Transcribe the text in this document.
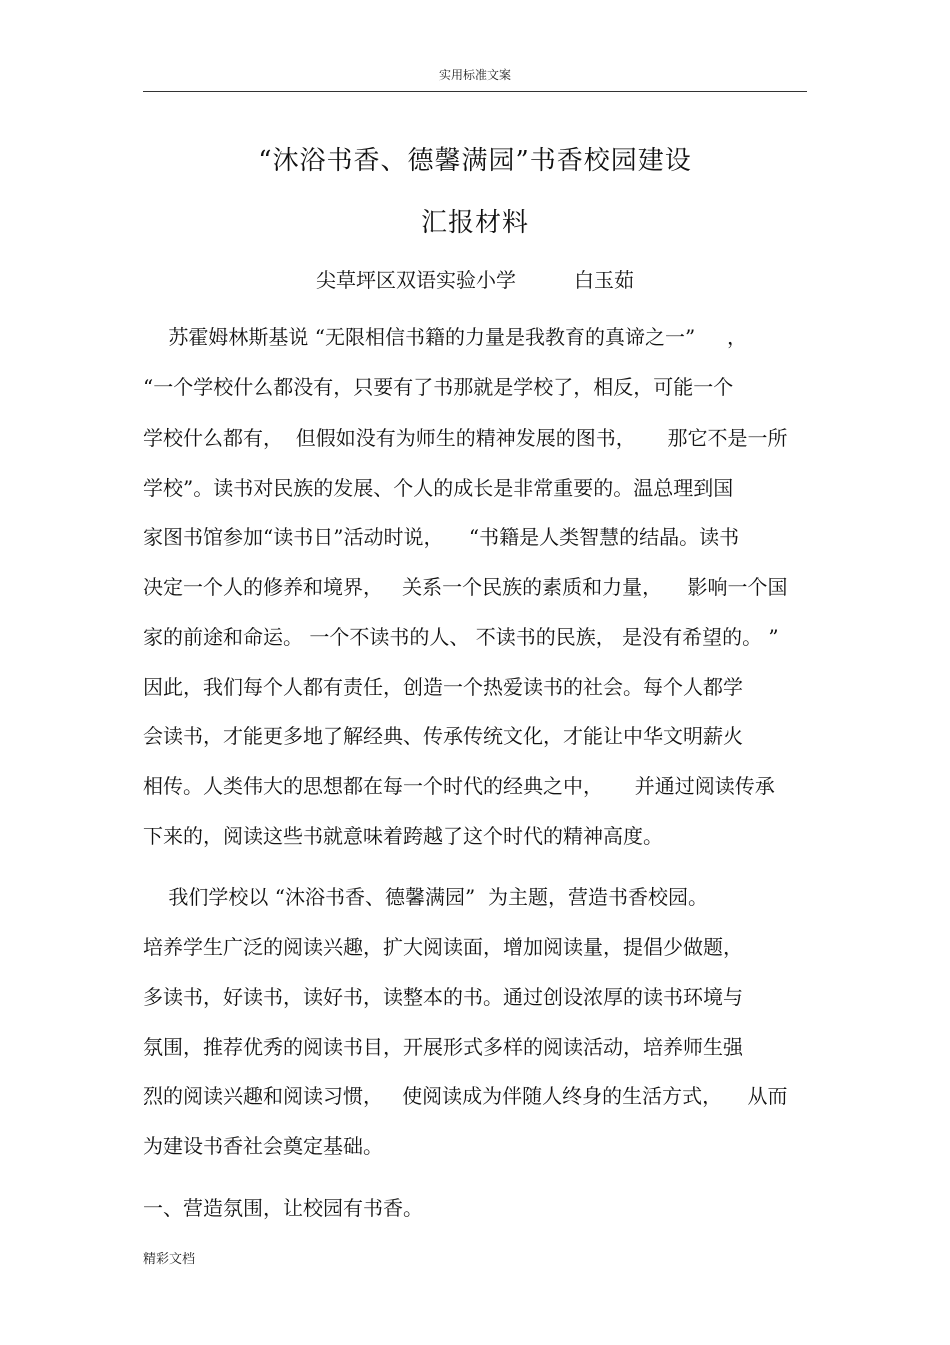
实用标准文案
“沐浴书香、德馨满园”书香校园建设
汇报材料
尖草坪区双语实验小学	白玉茹
苏霍姆林斯基说 “无限相信书籍的力量是我教育的真谛之一”     ，
“一个学校什么都没有，只要有了书那就是学校了，相反，可能一个
学校什么都有，  但假如没有为师生的精神发展的图书，     那它不是一所
学校”。读书对民族的发展、个人的成长是非常重要的。温总理到国
家图书馆参加“读书日”活动时说，    “书籍是人类智慧的结晶。读书
决定一个人的修养和境界，   关系一个民族的素质和力量，    影响一个国
家的前途和命运。 一个不读书的人、 不读书的民族， 是没有希望的。 ”
因此，我们每个人都有责任，创造一个热爱读书的社会。每个人都学
会读书，才能更多地了解经典、传承传统文化，才能让中华文明薪火
相传。人类伟大的思想都在每一个时代的经典之中，     并通过阅读传承
下来的，阅读这些书就意味着跨越了这个时代的精神高度。
我们学校以 “沐浴书香、德馨满园”  为主题，营造书香校园。
培养学生广泛的阅读兴趣，扩大阅读面，增加阅读量，提倡少做题，
多读书，好读书，读好书，读整本的书。通过创设浓厚的读书环境与
氛围，推荐优秀的阅读书目，开展形式多样的阅读活动，培养师生强
烈的阅读兴趣和阅读习惯，   使阅读成为伴随人终身的生活方式，    从而
为建设书香社会奠定基础。
一、营造氛围，让校园有书香。
精彩文档
